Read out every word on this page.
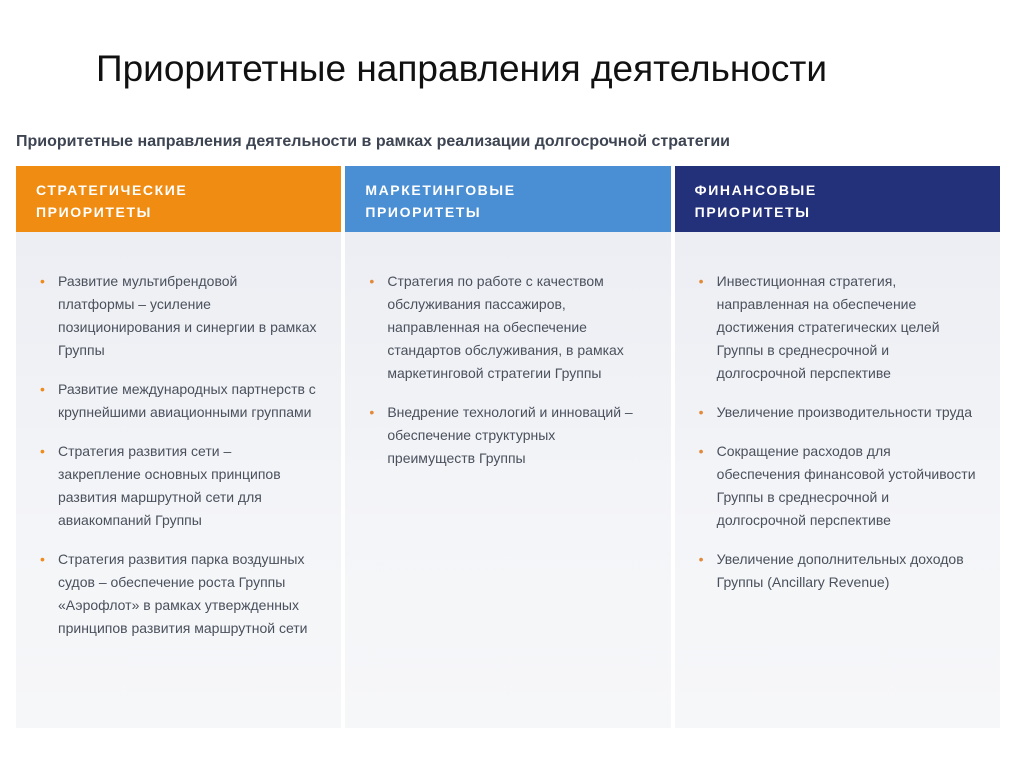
Приоритетные направления деятельности
Приоритетные направления деятельности в рамках реализации долгосрочной стратегии
СТРАТЕГИЧЕСКИЕ
ПРИОРИТЕТЫ
• Развитие мультибрендовой платформы – усиление позиционирования и синергии в рамках Группы
• Развитие международных партнерств с крупнейшими авиационными группами
• Стратегия развития сети – закрепление основных принципов развития маршрутной сети для авиакомпаний Группы
• Стратегия развития парка воздушных судов – обеспечение роста Группы «Аэрофлот» в рамках утвержденных принципов развития маршрутной сети
МАРКЕТИНГОВЫЕ
ПРИОРИТЕТЫ
• Стратегия по работе с качеством обслуживания пассажиров, направленная на обеспечение стандартов обслуживания, в рамках маркетинговой стратегии Группы
• Внедрение технологий и инноваций – обеспечение структурных преимуществ Группы
ФИНАНСОВЫЕ
ПРИОРИТЕТЫ
• Инвестиционная стратегия, направленная на обеспечение достижения стратегических целей Группы в среднесрочной и долгосрочной перспективе
• Увеличение производительности труда
• Сокращение расходов для обеспечения финансовой устойчивости Группы в среднесрочной и долгосрочной перспективе
• Увеличение дополнительных доходов Группы (Ancillary Revenue)
